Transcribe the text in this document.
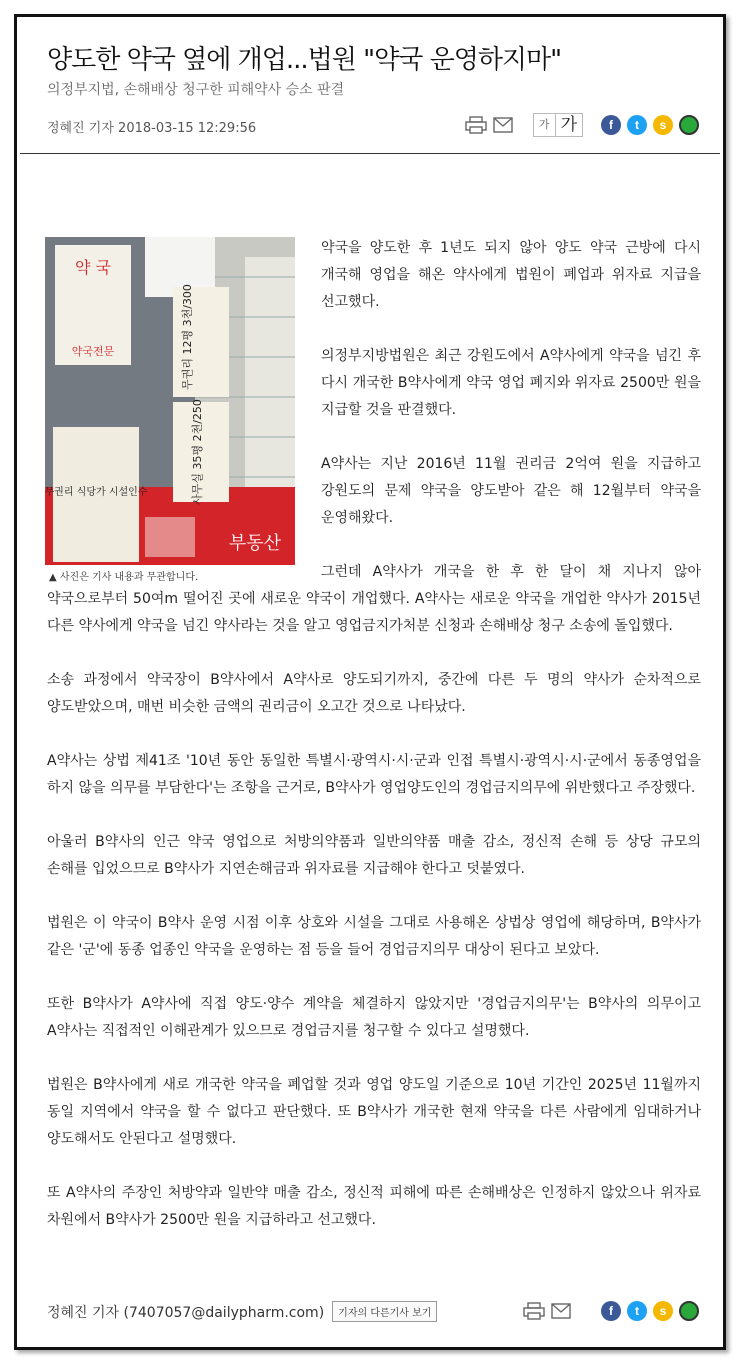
양도한 약국 옆에 개업...법원 "약국 운영하지마"
의정부지법, 손해배상 청구한 피해약사 승소 판결
정혜진 기자 2018-03-15 12:29:56	가 가	f	t	s
약 국
약국전문	무권리 12평 3천/300
사무실 35평 2천/250
무권리 식당가 시설인수
부동산
▲ 사진은 기사 내용과 무관합니다.

약국을 양도한 후 1년도 되지 않아 양도 약국 근방에 다시 개국해 영업을 해온 약사에게 법원이 폐업과 위자료 지급을 선고했다.

의정부지방법원은 최근 강원도에서 A약사에게 약국을 넘긴 후 다시 개국한 B약사에게 약국 영업 폐지와 위자료 2500만 원을 지급할 것을 판결했다.

A약사는 지난 2016년 11월 권리금 2억여 원을 지급하고 강원도의 문제 약국을 양도받아 같은 해 12월부터 약국을 운영해왔다.

그런데 A약사가 개국을 한 후 한 달이 채 지나지 않아 약국으로부터 50여m 떨어진 곳에 새로운 약국이 개업했다. A약사는 새로운 약국을 개업한 약사가 2015년 다른 약사에게 약국을 넘긴 약사라는 것을 알고 영업금지가처분 신청과 손해배상 청구 소송에 돌입했다.

소송 과정에서 약국장이 B약사에서 A약사로 양도되기까지, 중간에 다른 두 명의 약사가 순차적으로 양도받았으며, 매번 비슷한 금액의 권리금이 오고간 것으로 나타났다.

A약사는 상법 제41조 '10년 동안 동일한 특별시·광역시·시·군과 인접 특별시·광역시·시·군에서 동종영업을 하지 않을 의무를 부담한다'는 조항을 근거로, B약사가 영업양도인의 경업금지의무에 위반했다고 주장했다.

아울러 B약사의 인근 약국 영업으로 처방의약품과 일반의약품 매출 감소, 정신적 손해 등 상당 규모의 손해를 입었으므로 B약사가 지연손해금과 위자료를 지급해야 한다고 덧붙였다.

법원은 이 약국이 B약사 운영 시점 이후 상호와 시설을 그대로 사용해온 상법상 영업에 해당하며, B약사가 같은 '군'에 동종 업종인 약국을 운영하는 점 등을 들어 경업금지의무 대상이 된다고 보았다.

또한 B약사가 A약사에 직접 양도·양수 계약을 체결하지 않았지만 '경업금지의무'는 B약사의 의무이고 A약사는 직접적인 이해관계가 있으므로 경업금지를 청구할 수 있다고 설명했다.

법원은 B약사에게 새로 개국한 약국을 폐업할 것과 영업 양도일 기준으로 10년 기간인 2025년 11월까지 동일 지역에서 약국을 할 수 없다고 판단했다. 또 B약사가 개국한 현재 약국을 다른 사람에게 임대하거나 양도해서도 안된다고 설명했다.

또 A약사의 주장인 처방약과 일반약 매출 감소, 정신적 피해에 따른 손해배상은 인정하지 않았으나 위자료 차원에서 B약사가 2500만 원을 지급하라고 선고했다.

정혜진 기자 (7407057@dailypharm.com)	기자의 다른기사 보기	f	t	s
